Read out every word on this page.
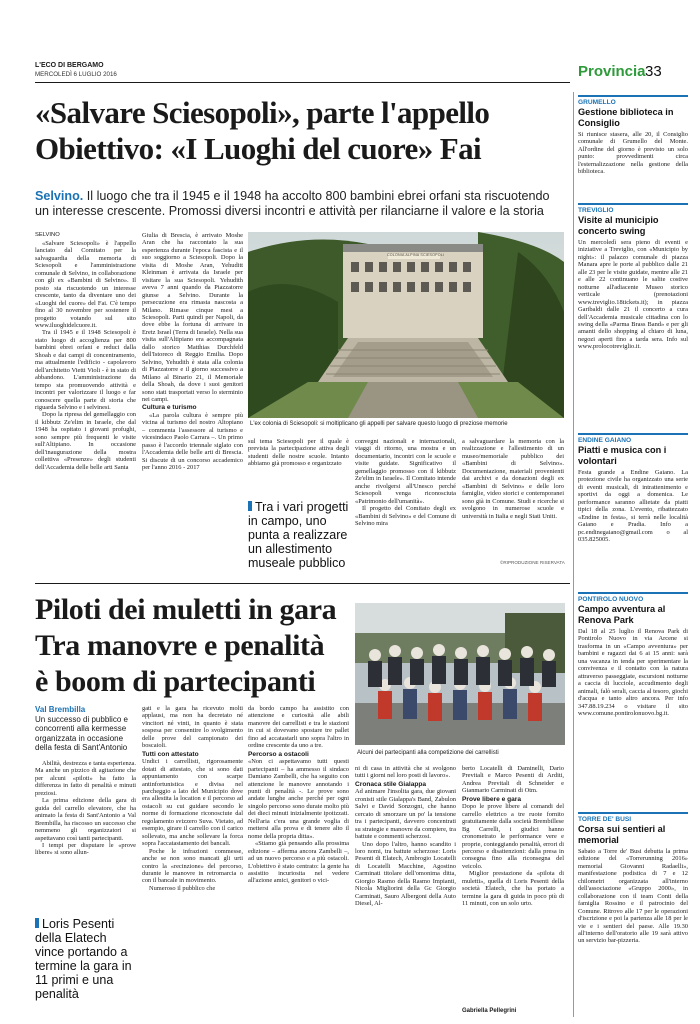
L'ECO DI BERGAMO
MERCOLEDÌ 6 LUGLIO 2016	Provincia 33
«Salvare Sciesopoli», parte l'appello
Obiettivo: «I Luoghi del cuore» Fai
Selvino. Il luogo che tra il 1945 e il 1948 ha accolto 800 bambini ebrei orfani sta riscuotendo un interesse crescente. Promossi diversi incontri e attività per rilanciarne il valore e la storia
SELVINO

«Salvare Sciesopoli» è l'appello lanciato dal Comitato per la salvaguardia della memoria di Sciesopoli e l'amministrazione comunale di Selvino, in collaborazione con gli ex «Bambini di Selvino». Il posto sta riscuotendo un interesse crescente, tanto da diventare uno dei «Luoghi del cuore» del Fai. C'è tempo fino al 30 novembre per sostenere il progetto votando sul sito www.iluoghidelcuore.it.

Tra il 1945 e il 1948 Sciesopoli è stato luogo di accoglienza per 800 bambini ebrei orfani e reduci dalla Shoah e dai campi di concentramento, ma attualmente l'edificio - capolavoro dell'architetto Vietti Violi - è in stato di abbandono. L'amministrazione da tempo sta promuovendo attività e incontri per valorizzare il luogo e far conoscere quella parte di storia che riguarda Selvino e i selvinesi.

Dopo la ripresa del gemellaggio con il kibbutz Ze'elim in Israele, che dal 1948 ha ospitato i giovani profughi, sono sempre più frequenti le visite sull'Altipiano. In occasione dell'inaugurazione della mostra collettiva «Presenze» degli studenti dell'Accademia delle belle arti Santa

Giulia di Brescia, è arrivato Moshe Aran che ha raccontato la sua esperienza durante l'epoca fascista e il suo soggiorno a Sciesopoli. Dopo la visita di Moshe Aran, Yehuditt Kleinman è arrivata da Israele per visitare la sua Sciesopoli. Yehudith aveva 7 anni quando da Piazzatorre giunse a Selvino. Durante la persecuzione era rimasta nascosta a Milano. Rimase cinque mesi a Sciesopoli. Parti quindi per Napoli, da dove ebbe la fortuna di arrivare in Eretz Israel (Terra di Israele). Nella sua visita sull'Altipiano era accompagnata dallo storico Matthias Durchfeld dell'Istoreco di Reggio Emilia. Dopo Selvino, Yehudith è stata alla colonia di Piazzatorre e il giorno successivo a Milano al Binario 21, il Memoriale della Shoah, da dove i suoi genitori sono stati trasportati verso lo sterminio nei campi.

Cultura e turismo

«La parola cultura è sempre più vicina al turismo del nostro Altopiano – commenta l'assessore al turismo e vicesindaco Paolo Carrara –. Un primo passo è l'accordo triennale siglato con l'Accademia delle belle arti di Brescia. Si discute di un concorso accademico per l'anno 2016 - 2017

COLONIA ALPINA SCIESOPOLI
L'ex colonia di Sciesopoli: si moltiplicano gli appelli per salvare questo luogo di preziose memorie

sul tema Sciesopoli per il quale è prevista la partecipazione attiva degli studenti delle nostre scuole. Intanto abbiamo già promosso e organizzato

Tra i vari progetti in campo, uno punta a realizzare un allestimento museale pubblico

convegni nazionali e internazionali, viaggi di ritorno, una mostra e un documentario, incontri con le scuole e visite guidate. Significativo il gemellaggio promosso con il kibbutz Ze'elim in Israele». Il Comitato intende anche rivolgersi all'Unesco perché Sciesopoli venga riconosciuta «Patrimonio dell'umanità».

Il progetto del Comitato degli ex «Bambini di Selvino» e del Comune di Selvino mira

a salvaguardare la memoria con la realizzazione e l'allestimento di un museo/memoriale pubblico dei «Bambini di Selvino». Documentazione, materiali provenienti dai archivi e da donazioni degli ex «Bambini di Selvino» e delle loro famiglie, video storici e contemporanei sono già in Comune. Studi e ricerche si svolgono in numerose scuole e università in Italia e negli Stati Uniti.

©RIPRODUZIONE RISERVATA
Piloti dei muletti in gara
Tra manovre e penalità
è boom di partecipanti
Val Brembilla
Un successo di pubblico e concorrenti alla kermesse organizzata in occasione della festa di Sant'Antonio

Abilità, destrezza e tanta esperienza. Ma anche un pizzico di agitazione che per alcuni «piloti» ha fatto la differenza in fatto di penalità e minuti preziosi.

La prima edizione della gara di guida del carrello elevatore, che ha animato la festa di Sant'Antonio a Val Brembilla, ha riscosso un successo che nemmeno gli organizzatori si aspettavano così tanti partecipanti.

I tempi per disputare le «prove libere» si sono allun-

Loris Pesenti della Elatech vince portando a termine la gara in 11 primi e una penalità

gati e la gara ha ricevuto molti applausi, ma non ha decretato né vincitori né vinti, in quanto è stata sospesa per consentire lo svolgimento delle prove del campionato dei boscaioli.

Tutti con attestato

Undici i carrellisti, rigorosamente dotati di attestato, che si sono dati appuntamento con scarpe antinfortunistica e divisa nel parcheggio a lato del Municipio dove era allestita la location e il percorso ad ostacoli su cui guidare secondo le norme di formazione riconosciute dal regolamento svizzero Suva. Vietato, ad esempio, girare il carrello con il carico sollevato, ma anche sollevare la forca sopra l'accatastamento dei bancali.

Poche le infrazioni commesse, anche se non sono mancati gli urti contro la «recinzione» del percorso, durante le manovre in retromarcia o con il bancale in movimento.

Numeroso il pubblico che

da bordo campo ha assistito con attenzione e curiosità alle abili manovre dei carrellisti e tra le stazioni in cui si dovevano spostare tre pallet fino ad accatastarli uno sopra l'altro in ordine crescente da uno a tre.

Percorso a ostacoli

«Non ci aspettavamo tutti questi partecipanti – ha ammesso il sindaco Damiano Zambelli, che ha seguito con attenzione le manovre annotando i punti di penalità -. Le prove sono andate lunghe anche perché per ogni singolo percorso sono durate molto più dei dieci minuti inizialmente ipotizzati. Nell'aria c'era una grande voglia di mettersi alla prova e di tenere alto il nome della propria ditta».

«Stiamo già pensando alla prossima edizione – afferma ancora Zambelli –, ad un nuovo percorso e a più ostacoli. L'obiettivo è stato centrato: la gente ha assistito incuriosita nel vedere all'azione amici, genitori o vici-

Alcuni dei partecipanti alla competizione dei carrellisti

ni di casa in attività che si svolgono tutti i giorni nel loro posti di lavoro».

Cronaca stile Gialappa

Ad animare l'insolita gara, due giovani cronisti stile Gialappa's Band, Zabulon Salvi e David Sonzogni, che hanno cercato di smorzare un po' la tensione tra i partecipanti, davvero concentrati su strategie e manovre da compiere, tra battute e commenti scherzosi.

Uno dopo l'altro, hanno scandito i loro nomi, tra battute scherzose: Loris Pesenti di Elatech, Ambrogio Locatelli di Locatelli Macchine, Agostino Carminati titolare dell'omonima ditta, Giorgio Rasmo della Rasmo Impianti, Nicola Migliorini della Gc Giorgio Carminati, Sauro Albergoni della Auto Diesel, Al-

berto Locatelli di Daminelli, Dario Previtali e Marco Pesenti di Arditi, Andrea Previtali di Schneider e Gianmario Carminati di Otm.

Prove libere e gara

Dopo le prove libere al comandi del carrello elettrico a tre ruote fornito gratuitamente dalla società Brembillese Bg Carrelli, i giudici hanno cronometrato le performance vere e proprie, conteggiando penalità, errori di percorso e disattenzioni: dalla presa in consegna fino alla riconsegna del veicolo.

Miglior prestazione da «pilota di muletti», quella di Loris Pesenti della società Elatech, che ha portato a termine la gara di guida in poco più di 11 minuti, con un solo urto.

Gabriella Pellegrini
GRUMELLO
Gestione biblioteca in Consiglio
Si riunisce stasera, alle 20, il Consiglio comunale di Grumello del Monte. All'ordine del giorno è previsto un solo punto: provvedimenti circa l'esternalizzazione nella gestione della biblioteca.
TREVIGLIO
Visite al municipio concerto swing
Un mercoledì sera pieno di eventi e iniziative a Treviglio, con «Municipio by night»: il palazzo comunale di piazza Manara apre le porte al pubblico dalle 21 alle 23 per le visite guidate, mentre alle 21 e alle 22 continuano le salite costive notturne all'adiacente Museo storico verticale (prenotazioni www.treviglio.18tickets.it); in piazza Garibaldi dalle 21 il concerto a cura dell'Accademia musicale cittadina con lo swing della «Parma Brass Band» e per gli amanti dello shopping al chiaro di luna, negozi aperti fino a tarda sera. Info sul www.prolocotreviglio.it.
ENDINE GAIANO
Piatti e musica con i volontari
Festa grande a Endine Gaiano. La protezione civile ha organizzato una serie di eventi musicali, di intrattenimento e sportivi da oggi a domenica. Le performance saranno allietate da piatti tipici della zona. L'evento, ribattezzato «Endine in festa», si terrà nelle località Gaiano e Pradia. Info a pc.endinegaiano@gmail.com o al 035.825005.
PONTIROLO NUOVO
Campo avventura al Renova Park
Dal 18 al 25 luglio il Renova Park di Pontirolo Nuovo in via Arcene si trasforma in un «Campo avventura» per bambini e ragazzi dai 6 ai 15 anni: sarà una vacanza in tenda per sperimentare la convivenza e il contatto con la natura attraverso passeggiate, escursioni notturne a caccia di lucciole, accudimento degli animali, falò serali, caccia al tesoro, giochi d'acqua e tanto altro ancora. Per info 347.88.19.234 o visitare il sito www.comune.pontirolonuovo.bg.it.
TORRE DE' BUSI
Corsa sui sentieri al memorial
Sabato a Torre de' Busi debutta la prima edizione del «Torrerunning 2016» memorial Giovanni Radaelli», manifestazione podistica di 7 e 12 chilometri organizzata all'interno dell'associazione «Gruppo 2000», in collaborazione con il team Conti della famiglia Rossino e il patrocinio del Comune. Ritrovo alle 17 per le operazioni d'iscrizione e poi la partenza alle 18 per le vie e i sentieri del paese. Alle 19.30 all'interno dell'oratorio alle 19 sarà attivo un servizio bar-pizzeria.
